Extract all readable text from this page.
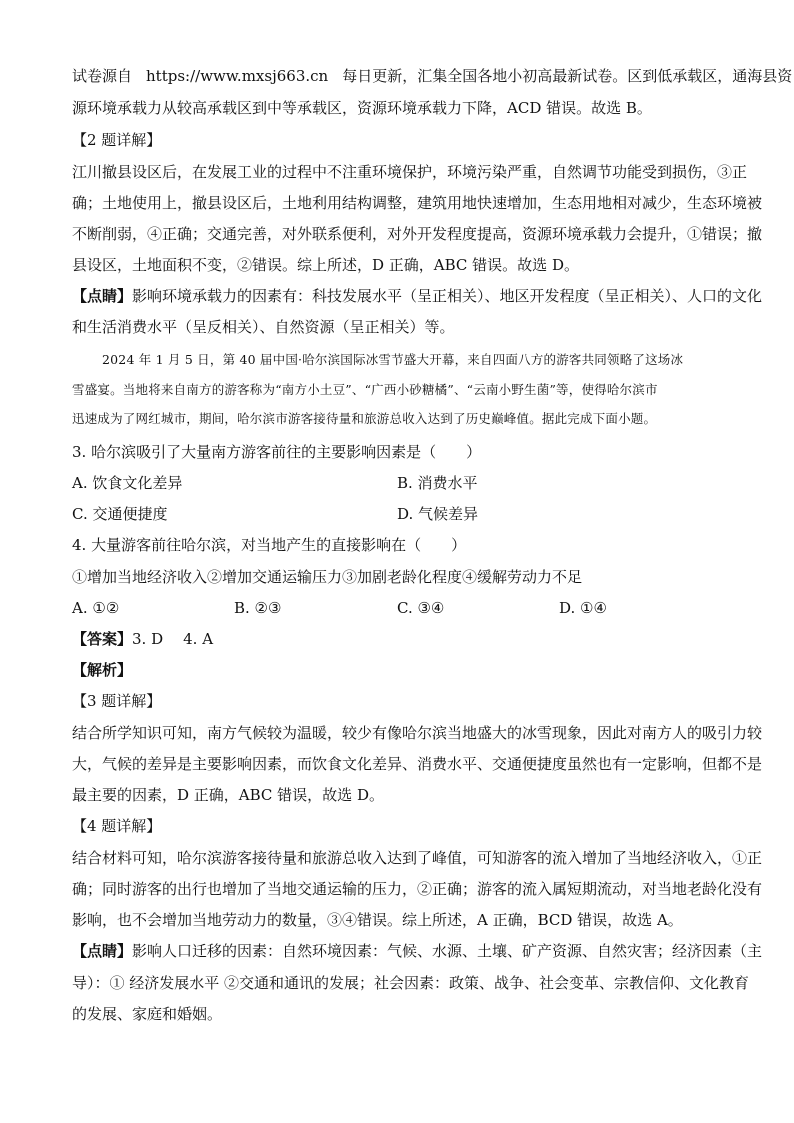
试卷源自 https://www.mxsj663.cn 每日更新，汇集全国各地小初高最新试卷。区到低承载区，通海县资
源环境承载力从较高承载区到中等承载区，资源环境承载力下降，ACD 错误。故选 B。
【2 题详解】
江川撤县设区后，在发展工业的过程中不注重环境保护，环境污染严重，自然调节功能受到损伤，③正
确；土地使用上，撤县设区后，土地利用结构调整，建筑用地快速增加，生态用地相对减少，生态环境被
不断削弱，④正确；交通完善，对外联系便利，对外开发程度提高，资源环境承载力会提升，①错误；撤
县设区，土地面积不变，②错误。综上所述，D 正确，ABC 错误。故选 D。
【点睛】影响环境承载力的因素有：科技发展水平（呈正相关）、地区开发程度（呈正相关）、人口的文化
和生活消费水平（呈反相关）、自然资源（呈正相关）等。
2024 年 1 月 5 日，第 40 届中国·哈尔滨国际冰雪节盛大开幕，来自四面八方的游客共同领略了这场冰
雪盛宴。当地将来自南方的游客称为“南方小土豆”、“广西小砂糖橘”、“云南小野生菌”等，使得哈尔滨市
迅速成为了网红城市，期间，哈尔滨市游客接待量和旅游总收入达到了历史巅峰值。据此完成下面小题。
3. 哈尔滨吸引了大量南方游客前往的主要影响因素是（　　）
A. 饮食文化差异	B. 消费水平
C. 交通便捷度	D. 气候差异
4. 大量游客前往哈尔滨，对当地产生的直接影响在（　　）
①增加当地经济收入②增加交通运输压力③加剧老龄化程度④缓解劳动力不足
A. ①②	B. ②③	C. ③④	D. ①④
【答案】3. D 4. A
【解析】
【3 题详解】
结合所学知识可知，南方气候较为温暖，较少有像哈尔滨当地盛大的冰雪现象，因此对南方人的吸引力较
大，气候的差异是主要影响因素，而饮食文化差异、消费水平、交通便捷度虽然也有一定影响，但都不是
最主要的因素，D 正确，ABC 错误，故选 D。
【4 题详解】
结合材料可知，哈尔滨游客接待量和旅游总收入达到了峰值，可知游客的流入增加了当地经济收入，①正
确；同时游客的出行也增加了当地交通运输的压力，②正确；游客的流入属短期流动，对当地老龄化没有
影响，也不会增加当地劳动力的数量，③④错误。综上所述，A 正确，BCD 错误，故选 A。
【点睛】影响人口迁移的因素：自然环境因素：气候、水源、土壤、矿产资源、自然灾害；经济因素（主
导）：① 经济发展水平 ②交通和通讯的发展；社会因素：政策、战争、社会变革、宗教信仰、文化教育
的发展、家庭和婚姻。
